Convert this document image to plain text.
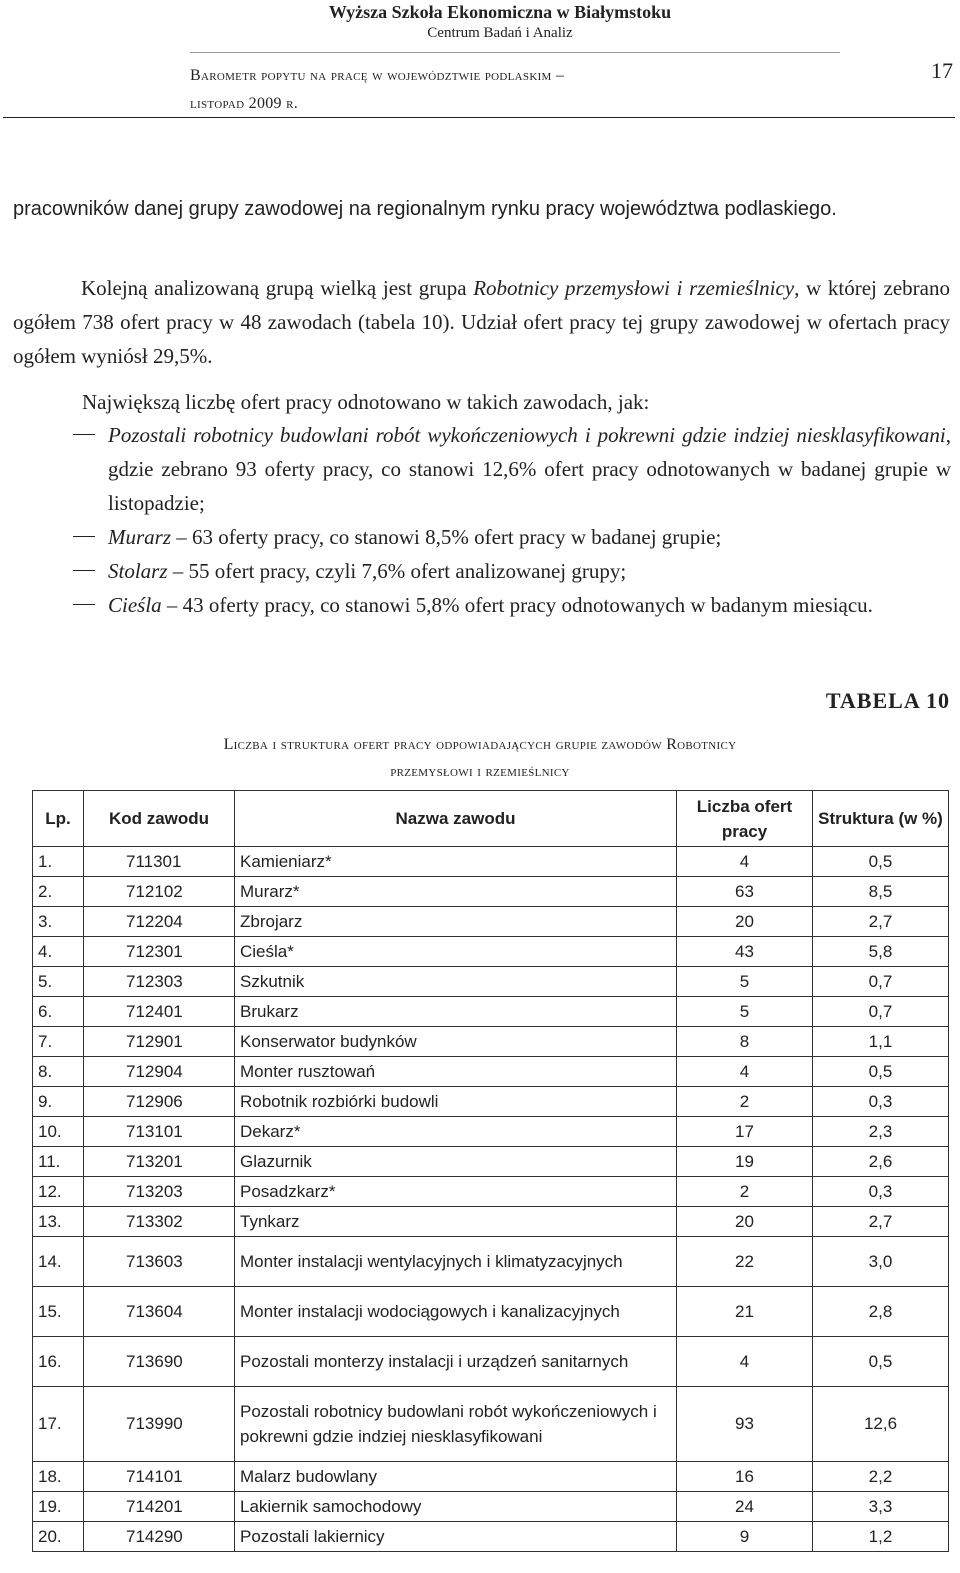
Wyższa Szkoła Ekonomiczna w Białymstoku
Centrum Badań i Analiz
Barometr popytu na pracę w województwie podlaskim –
listopad 2009 r.
17
pracowników danej grupy zawodowej na regionalnym rynku pracy województwa podlaskiego.
Kolejną analizowaną grupą wielką jest grupa Robotnicy przemysłowi i rzemieślnicy, w której zebrano ogółem 738 ofert pracy w 48 zawodach (tabela 10). Udział ofert pracy tej grupy zawodowej w ofertach pracy ogółem wyniósł 29,5%.
Największą liczbę ofert pracy odnotowano w takich zawodach, jak:
Pozostali robotnicy budowlani robót wykończeniowych i pokrewni gdzie indziej niesklasyfikowani, gdzie zebrano 93 oferty pracy, co stanowi 12,6% ofert pracy odnotowanych w badanej grupie w listopadzie;
Murarz – 63 oferty pracy, co stanowi 8,5% ofert pracy w badanej grupie;
Stolarz – 55 ofert pracy, czyli 7,6% ofert analizowanej grupy;
Cieśla – 43 oferty pracy, co stanowi 5,8% ofert pracy odnotowanych w badanym miesiącu.
TABELA 10
Liczba i struktura ofert pracy odpowiadających grupie zawodów Robotnicy
przemysłowi i rzemieślnicy
Lp.	Kod zawodu	Nazwa zawodu	Liczba ofert pracy	Struktura (w %)
1.	711301	Kamieniarz*	4	0,5
2.	712102	Murarz*	63	8,5
3.	712204	Zbrojarz	20	2,7
4.	712301	Cieśla*	43	5,8
5.	712303	Szkutnik	5	0,7
6.	712401	Brukarz	5	0,7
7.	712901	Konserwator budynków	8	1,1
8.	712904	Monter rusztowań	4	0,5
9.	712906	Robotnik rozbiórki budowli	2	0,3
10.	713101	Dekarz*	17	2,3
11.	713201	Glazurnik	19	2,6
12.	713203	Posadzkarz*	2	0,3
13.	713302	Tynkarz	20	2,7
14.	713603	Monter instalacji wentylacyjnych i klimatyzacyjnych	22	3,0
15.	713604	Monter instalacji wodociągowych i kanalizacyjnych	21	2,8
16.	713690	Pozostali monterzy instalacji i urządzeń sanitarnych	4	0,5
17.	713990	Pozostali robotnicy budowlani robót wykończeniowych i pokrewni gdzie indziej niesklasyfikowani	93	12,6
18.	714101	Malarz budowlany	16	2,2
19.	714201	Lakiernik samochodowy	24	3,3
20.	714290	Pozostali lakiernicy	9	1,2
